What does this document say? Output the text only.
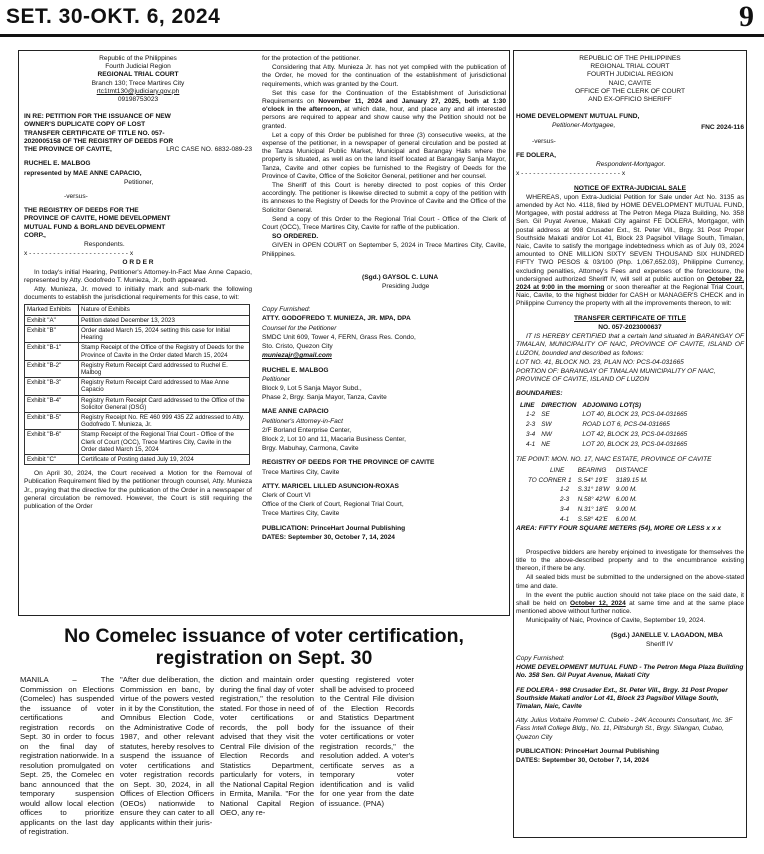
SET. 30-OKT. 6, 2024	9
Republic of the Philippines
Fourth Judicial Region
REGIONAL TRIAL COURT
Branch 130; Trece Martires City
rtc1tmt130@judiciary.gov.ph
09198753023

IN RE: PETITION FOR THE ISSUANCE OF NEW OWNER'S DUPLICATE COPY OF LOST TRANSFER CERTIFICATE OF TITLE NO. 057-2020005158 OF THE REGISTRY OF DEEDS FOR THE PROVINCE OF CAVITE,	LRC CASE NO. 6832-089-23

RUCHEL E. MALBOG

represented by MAE ANNE CAPACIO,

Petitioner,

-versus-

THE REGISTRY OF DEEDS FOR THE PROVINCE OF CAVITE, HOME DEVELOPMENT MUTUAL FUND & BORLAND DEVELOPMENT CORP.,

Respondents.

x - - - - - - - - - - - - - - - - - - - - - - - - - x

O R D E R

In today's initial Hearing, Petitioner's Attorney-In-Fact Mae Anne Capacio, represented by Atty. Godofredo T. Munieza, Jr., both appeared.

Atty. Munieza, Jr. moved to initially mark and sub-mark the following documents to establish the jurisdictional requirements for this case, to wit:

Marked Exhibits	Nature of Exhibits
Exhibit "A"	Petition dated December 13, 2023
Exhibit "B"	Order dated March 15, 2024 setting this case for Initial Hearing
Exhibit "B-1"	Stamp Receipt of the Office of the Registry of Deeds for the Province of Cavite in the Order dated March 15, 2024
Exhibit "B-2"	Registry Return Receipt Card addressed to Ruchel E. Malbog
Exhibit "B-3"	Registry Return Receipt Card addressed to Mae Anne Capacio
Exhibit "B-4"	Registry Return Receipt Card addressed to the Office of the Solicitor General (OSG)
Exhibit "B-5"	Registry Receipt No. RE 460 999 435 ZZ addressed to Atty. Godofredo T. Munieza, Jr.
Exhibit "B-6"	Stamp Receipt of the Regional Trial Court - Office of the Clerk of Court (OCC), Trece Martires City, Cavite in the Order dated March 15, 2024
Exhibit "C"	Certificate of Posting dated July 19, 2024

On April 30, 2024, the Court received a Motion for the Removal of Publication Requirement filed by the petitioner through counsel, Atty. Munieza Jr., praying that the directive for the publication of the Order in a newspaper of general circulation be removed. However, the Court is still requiring the publication of the Order

for the protection of the petitioner.

Considering that Atty. Munieza Jr. has not yet complied with the publication of the Order, he moved for the continuation of the establishment of jurisdictional requirements, which was granted by the Court.

Set this case for the Continuation of the Establishment of Jurisdictional Requirements on November 11, 2024 and January 27, 2025, both at 1:30 o'clock in the afternoon, at which date, hour, and place any and all interested persons are required to appear and show cause why the Petition should not be granted.

Let a copy of this Order be published for three (3) consecutive weeks, at the expense of the petitioner, in a newspaper of general circulation and be posted at the Tanza Municipal Public Market, Municipal and Barangay Halls where the property is situated, as well as on the land itself located at Barangay Sanja Mayor, Tanza, Cavite and other copies be furnished to the Registry of Deeds for the Province of Cavite, Office of the Solicitor General, petitioner and her counsel.

The Sheriff of this Court is hereby directed to post copies of this Order accordingly. The petitioner is likewise directed to submit a copy of the petition with its annexes to the Registry of Deeds for the Province of Cavite and the Office of the Solicitor General.

Send a copy of this Order to the Regional Trial Court - Office of the Clerk of Court (OCC), Trece Martires City, Cavite for raffle of the publication.

SO ORDERED.

GIVEN in OPEN COURT on September 5, 2024 in Trece Martires City, Cavite, Philippines.

(Sgd.) GAYSOL C. LUNA

Presiding Judge

Copy Furnished:

ATTY. GODOFREDO T. MUNIEZA, JR. MPA, DPA

Counsel for the Petitioner

SMDC Unit 609, Tower 4, FERN, Grass Res. Condo,

Sto. Cristo, Quezon City

muniezajr@gmail.com

RUCHEL E. MALBOG

Petitioner

Block 9, Lot 5 Sanja Mayor Subd.,

Phase 2, Brgy. Sanja Mayor, Tanza, Cavite

MAE ANNE CAPACIO

Petitioner's Attorney-in-Fact

2/F Borland Enterprise Center,

Block 2, Lot 10 and 11, Macaria Business Center,

Brgy. Mabuhay, Carmona, Cavite

REGISTRY OF DEEDS FOR THE PROVINCE OF CAVITE

Trece Martires City, Cavite

ATTY. MARICEL LILLED ASUNCION-ROXAS

Clerk of Court VI

Office of the Clerk of Court, Regional Trial Court,

Trece Martires City, Cavite

PUBLICATION: PrinceHart Journal Publishing

DATES: September 30, October 7, 14, 2024

REPUBLIC OF THE PHILIPPINES
REGIONAL TRIAL COURT
FOURTH JUDICIAL REGION
NAIC, CAVITE
OFFICE OF THE CLERK OF COURT
AND EX-OFFICIO SHERIFF

HOME DEVELOPMENT MUTUAL FUND,

Petitioner-Mortgagee,	FNC 2024-116

-versus-

FE DOLERA,

Respondent-Mortgagor.

x - - - - - - - - - - - - - - - - - - - - - - - - - x

NOTICE OF EXTRA-JUDICIAL SALE

WHEREAS, upon Extra-Judicial Petition for Sale under Act No. 3135 as amended by Act No. 4118, filed by HOME DEVELOPMENT MUTUAL FUND, Mortgagee, with postal address at The Petron Mega Plaza Building, No. 358 Sen. Gil Puyat Avenue, Makati City against FE DOLERA, Mortgagor, with postal address at 998 Crusader Ext., St. Peter Vill., Brgy. 31 Post Proper Southside Makati and/or Lot 41, Block 23 Pagsibol Village South, Timalan, Naic, Cavite to satisfy the mortgage indebtedness which as of July 03, 2024 amounted to ONE MILLION SIXTY SEVEN THOUSAND SIX HUNDRED FIFTY TWO PESOS & 03/100 (Php. 1,067,652.03), Philippine Currency, excluding penalties, Attorney's Fees and expenses of the foreclosure, the undersigned authorized Sheriff IV, will sell at public auction on October 22, 2024 at 9:00 in the morning or soon thereafter at the Regional Trial Court, Naic, Cavite, to the highest bidder for CASH or MANAGER'S CHECK and in Philippine Currency the property with all the improvements thereon, to wit:

TRANSFER CERTIFICATE OF TITLE

NO. 057-2023000637

IT IS HEREBY CERTIFIED that a certain land situated in BARANGAY OF TIMALAN, MUNICIPALITY OF NAIC, PROVINCE OF CAVITE, ISLAND OF LUZON, bounded and described as follows:

LOT NO. 41, BLOCK NO. 23, PLAN NO: PCS-04-031665

PORTION OF: BARANGAY OF TIMALAN MUNICIPALITY OF NAIC, PROVINCE OF CAVITE, ISLAND OF LUZON

BOUNDARIES:

LINE	DIRECTION	ADJOINING LOT(S)
1-2	SE	LOT 40, BLOCK 23, PCS-04-031665
2-3	SW	ROAD LOT 6, PCS-04-031665
3-4	NW	LOT 42, BLOCK 23, PCS-04-031665
4-1	NE	LOT 20, BLOCK 23, PCS-04-031665

TIE POINT: MON. NO. 17, NAIC ESTATE, PROVINCE OF CAVITE

LINE	BEARING	DISTANCE
TO CORNER 1	S.54° 19'E	3189.15 M.
1-2	S.31° 18'W	9.00 M.
2-3	N.58° 42'W	6.00 M.
3-4	N.31° 18'E	9.00 M.
4-1	S.58° 42'E	6.00 M.

AREA: FIFTY FOUR SQUARE METERS (54), MORE OR LESS x x x

Prospective bidders are hereby enjoined to investigate for themselves the title to the above-described property and to the encumbrance existing thereon, if there be any.

All sealed bids must be submitted to the undersigned on the above-stated time and date.

In the event the public auction should not take place on the said date, it shall be held on October 12, 2024 at same time and at the same place mentioned above without further notice.

Municipality of Naic, Province of Cavite, September 19, 2024.

(Sgd.) JANELLE V. LAGADON, MBA

Sheriff IV

Copy Furnished:

HOME DEVELOPMENT MUTUAL FUND - The Petron Mega Plaza Building No. 358 Sen. Gil Puyat Avenue, Makati City

FE DOLERA - 998 Crusader Ext., St. Peter Vill., Brgy. 31 Post Proper Southside Makati and/or Lot 41, Block 23 Pagsibol Village South, Timalan, Naic, Cavite

Atty. Julius Voltaire Rommel C. Cubelo - 24K Accounts Consultant, Inc. 3F Fass Intell College Bldg., No. 11, Pittsburgh St., Brgy. Silangan, Cubao, Quezon City

PUBLICATION: PrinceHart Journal Publishing

DATES: September 30, October 7, 14, 2024

No Comelec issuance of voter certification, registration on Sept. 30
MANILA – The Commission on Elections (Comelec) has suspended the issuance of voter certifications and registration records on Sept. 30 in order to focus on the final day of registration nationwide. In a resolution promulgated on Sept. 25, the Comelec en banc announced that the temporary suspension would allow local election offices to prioritize applicants on the last day of registration.
"After due deliberation, the Commission en banc, by virtue of the powers vested in it by the Constitution, the Omnibus Election Code, the Administrative Code of 1987, and other relevant statutes, hereby resolves to suspend the issuance of voter certifications and voter registration records on Sept. 30, 2024, in all Offices of Election Officers (OEOs) nationwide to ensure they can cater to all applicants within their juris-
diction and maintain order during the final day of voter registration," the resolution stated. For those in need of voter certifications or records, the poll body advised that they visit the Central File division of the Election Records and Statistics Department, particularly for voters, in the National Capital Region in Ermita, Manila. "For the National Capital Region OEO, any re-
questing registered voter shall be advised to proceed to the Central File division of the Election Records and Statistics Department for the issuance of their voter certifications or voter registration records," the resolution added. A voter's certificate serves as a temporary voter identification and is valid for one year from the date of issuance. (PNA)
